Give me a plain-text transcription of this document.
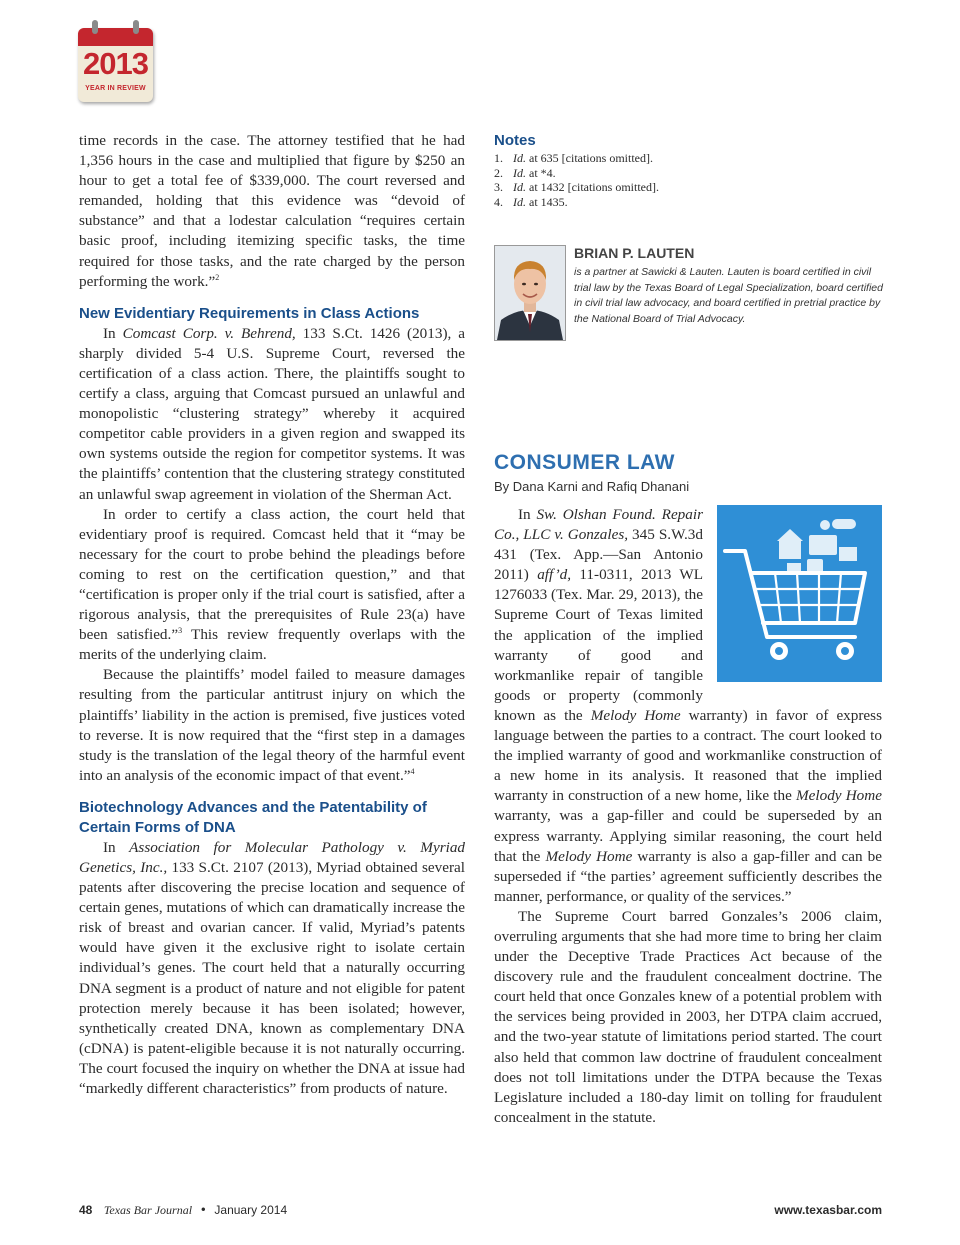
2013
YEAR IN REVIEW

time records in the case. The attorney testified that he had 1,356 hours in the case and multiplied that figure by $250 an hour to get a total fee of $339,000. The court reversed and remanded, holding that this evidence was “devoid of substance” and that a lodestar calculation “requires certain basic proof, including itemizing specific tasks, the time required for those tasks, and the rate charged by the person performing the work.”$^2$

New Evidentiary Requirements in Class Actions

In Comcast Corp. v. Behrend, 133 S.Ct. 1426 (2013), a sharply divided 5-4 U.S. Supreme Court, reversed the certification of a class action. There, the plaintiffs sought to certify a class, arguing that Comcast pursued an unlawful and monopolistic “clustering strategy” whereby it acquired competitor cable providers in a given region and swapped its own systems outside the region for competitor systems. It was the plaintiffs’ contention that the clustering strategy constituted an unlawful swap agreement in violation of the Sherman Act.

In order to certify a class action, the court held that evidentiary proof is required. Comcast held that it “may be necessary for the court to probe behind the pleadings before coming to rest on the certification question,” and that “certification is proper only if the trial court is satisfied, after a rigorous analysis, that the prerequisites of Rule 23(a) have been satisfied.”$^3$ This review frequently overlaps with the merits of the underlying claim.

Because the plaintiffs’ model failed to measure damages resulting from the particular antitrust injury on which the plaintiffs’ liability in the action is premised, five justices voted to reverse. It is now required that the “first step in a damages study is the translation of the legal theory of the harmful event into an analysis of the economic impact of that event.”$^4$

Biotechnology Advances and the Patentability of Certain Forms of DNA

In Association for Molecular Pathology v. Myriad Genetics, Inc., 133 S.Ct. 2107 (2013), Myriad obtained several patents after discovering the precise location and sequence of certain genes, mutations of which can dramatically increase the risk of breast and ovarian cancer. If valid, Myriad’s patents would have given it the exclusive right to isolate certain individual’s genes. The court held that a naturally occurring DNA segment is a product of nature and not eligible for patent protection merely because it has been isolated; however, synthetically created DNA, known as complementary DNA (cDNA) is patent-eligible because it is not naturally occurring. The court focused the inquiry on whether the DNA at issue had “markedly different characteristics” from products of nature.

Notes
1. Id. at 635 [citations omitted].
2. Id. at *4.
3. Id. at 1432 [citations omitted].
4. Id. at 1435.
BRIAN P. LAUTEN
is a partner at Sawicki & Lauten. Lauten is board certified in civil trial law by the Texas Board of Legal Specialization, board certified in civil trial law advocacy, and board certified in pretrial practice by the National Board of Trial Advocacy.
CONSUMER LAW
By Dana Karni and Rafiq Dhanani

In Sw. Olshan Found. Repair Co., LLC v. Gonzales, 345 S.W.3d 431 (Tex. App.—San Antonio 2011) aff’d, 11-0311, 2013 WL 1276033 (Tex. Mar. 29, 2013), the Supreme Court of Texas limited the application of the implied warranty of good and workmanlike repair of tangible goods or property (commonly known as the Melody Home warranty) in favor of express language between the parties to a contract. The court looked to the implied warranty of good and workmanlike construction of a new home in its analysis. It reasoned that the implied warranty in construction of a new home, like the Melody Home warranty, was a gap-filler and could be superseded by an express warranty. Applying similar reasoning, the court held that the Melody Home warranty is also a gap-filler and can be superseded if “the parties’ agreement sufficiently describes the manner, performance, or quality of the services.”

The Supreme Court barred Gonzales’s 2006 claim, overruling arguments that she had more time to bring her claim under the Deceptive Trade Practices Act because of the discovery rule and the fraudulent concealment doctrine. The court held that once Gonzales knew of a potential problem with the services being provided in 2003, her DTPA claim accrued, and the two-year statute of limitations period started. The court also held that common law doctrine of fraudulent concealment does not toll limitations under the DTPA because the Texas Legislature included a 180-day limit on tolling for fraudulent concealment in the statute.

48 Texas Bar Journal • January 2014	www.texasbar.com
